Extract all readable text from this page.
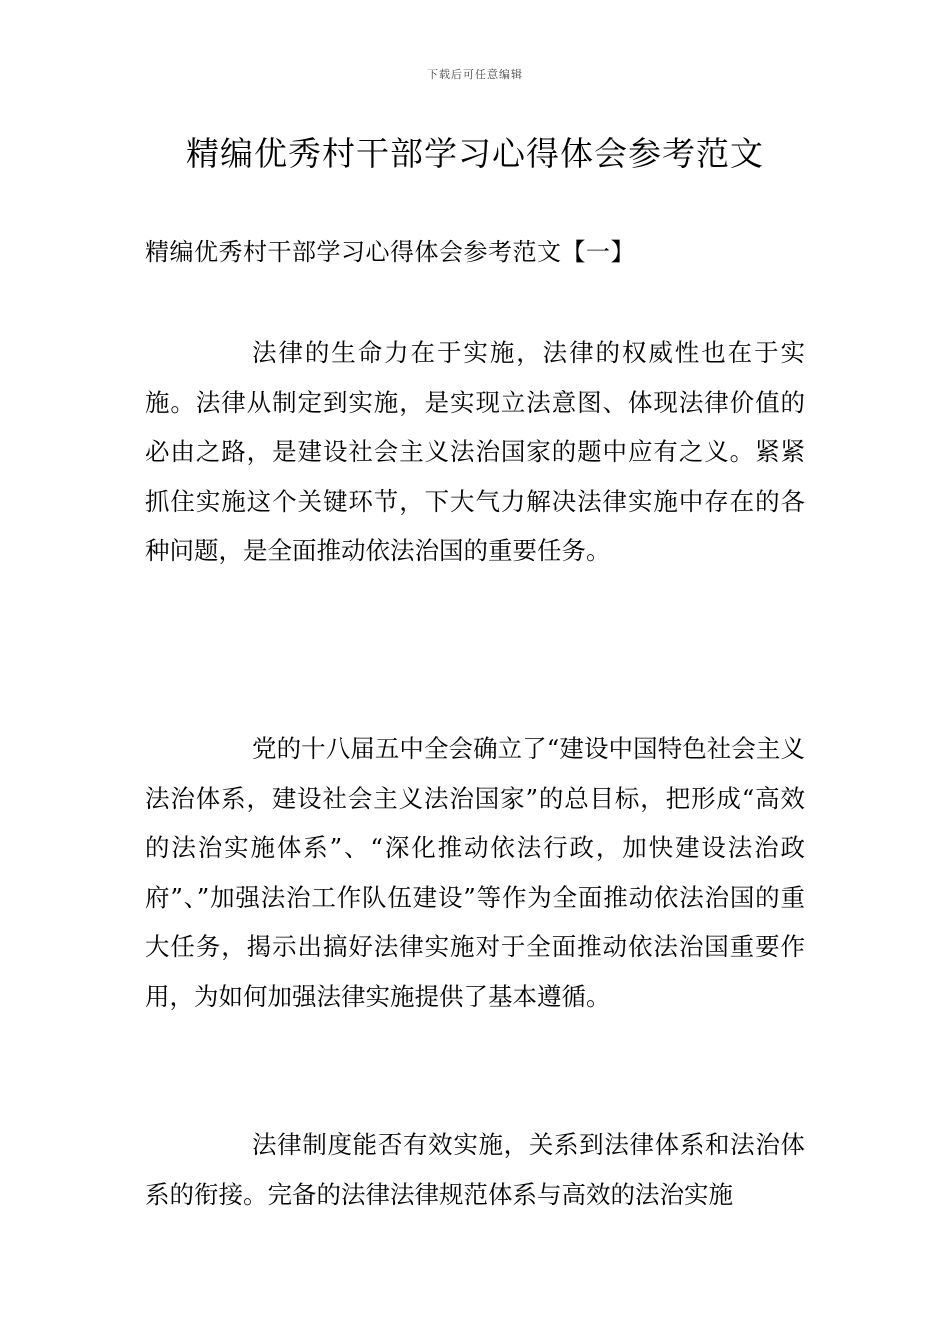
下载后可任意编辑
精编优秀村干部学习心得体会参考范文
精编优秀村干部学习心得体会参考范文【一】

法律的生命力在于实施，法律的权威性也在于实施。法律从制定到实施，是实现立法意图、体现法律价值的必由之路，是建设社会主义法治国家的题中应有之义。紧紧抓住实施这个关键环节，下大气力解决法律实施中存在的各种问题，是全面推动依法治国的重要任务。

党的十八届五中全会确立了“建设中国特色社会主义法治体系，建设社会主义法治国家”的总目标，把形成“高效的法治实施体系”、“深化推动依法行政，加快建设法治政府”、”加强法治工作队伍建设”等作为全面推动依法治国的重大任务，揭示出搞好法律实施对于全面推动依法治国重要作用，为如何加强法律实施提供了基本遵循。

法律制度能否有效实施，关系到法律体系和法治体系的衔接。完备的法律法律规范体系与高效的法治实施
